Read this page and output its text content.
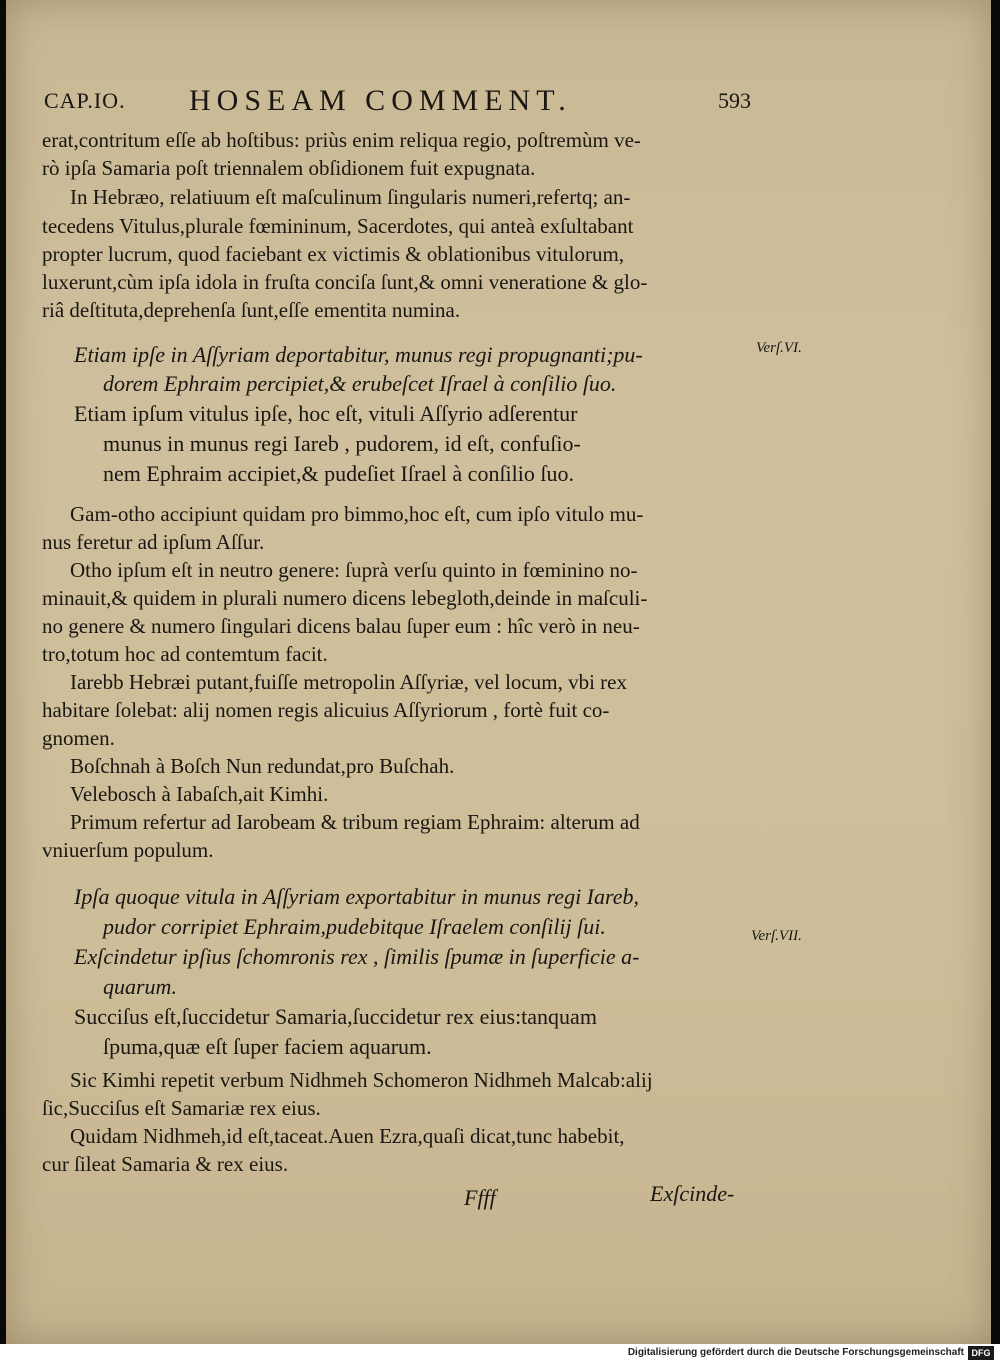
CAP.IO. HOSEAM COMMENT.	593
Verſ.VI.
Verſ.VII.
erat,contritum eſſe ab hoſtibus: priùs enim reliqua regio, poſtremùm ve-
rò ipſa Samaria poſt triennalem obſidionem fuit expugnata.
In Hebræo, relatiuum eſt maſculinum ſingularis numeri,refertq; an-
tecedens Vitulus,plurale fœmininum, Sacerdotes, qui anteà exſultabant
propter lucrum, quod faciebant ex victimis & oblationibus vitulorum,
luxerunt,cùm ipſa idola in fruſta conciſa ſunt,& omni veneratione & glo-
riâ deſtituta,deprehenſa ſunt,eſſe ementita numina.
Etiam ipſe in Aſſyriam deportabitur, munus regi propugnanti;pu-
dorem Ephraim percipiet,& erubeſcet Iſrael à conſilio ſuo.
Etiam ipſum vitulus ipſe, hoc eſt, vituli Aſſyrio adſerentur
munus in munus regi Iareb , pudorem, id eſt, confuſio-
nem Ephraim accipiet,& pudeſiet Iſrael à conſilio ſuo.
Gam-otho accipiunt quidam pro bimmo,hoc eſt, cum ipſo vitulo mu-
nus feretur ad ipſum Aſſur.
Otho ipſum eſt in neutro genere: ſuprà verſu quinto in fœminino no-
minauit,& quidem in plurali numero dicens lebegloth,deinde in maſculi-
no genere & numero ſingulari dicens balau ſuper eum : hîc verò in neu-
tro,totum hoc ad contemtum facit.
Iarebb Hebræi putant,fuiſſe metropolin Aſſyriæ, vel locum, vbi rex
habitare ſolebat: alij nomen regis alicuius Aſſyriorum , fortè fuit co-
gnomen.
Boſchnah à Boſch Nun redundat,pro Buſchah.
Velebosch à Iabaſch,ait Kimhi.
Primum refertur ad Iarobeam & tribum regiam Ephraim: alterum ad
vniuerſum populum.
Ipſa quoque vitula in Aſſyriam exportabitur in munus regi Iareb,
pudor corripiet Ephraim,pudebitque Iſraelem conſilij ſui.
Exſcindetur ipſius ſchomronis rex , ſimilis ſpumæ in ſuperficie a-
quarum.
Succiſus eſt,ſuccidetur Samaria,ſuccidetur rex eius:tanquam
ſpuma,quæ eſt ſuper faciem aquarum.
Sic Kimhi repetit verbum Nidhmeh Schomeron Nidhmeh Malcab:alij
ſic,Succiſus eſt Samariæ rex eius.
Quidam Nidhmeh,id eſt,taceat.Auen Ezra,quaſi dicat,tunc habebit,
cur ſileat Samaria & rex eius.
Ffff	Exſcinde-
Digitalisierung gefördert durch die Deutsche Forschungsgemeinschaft DFG
